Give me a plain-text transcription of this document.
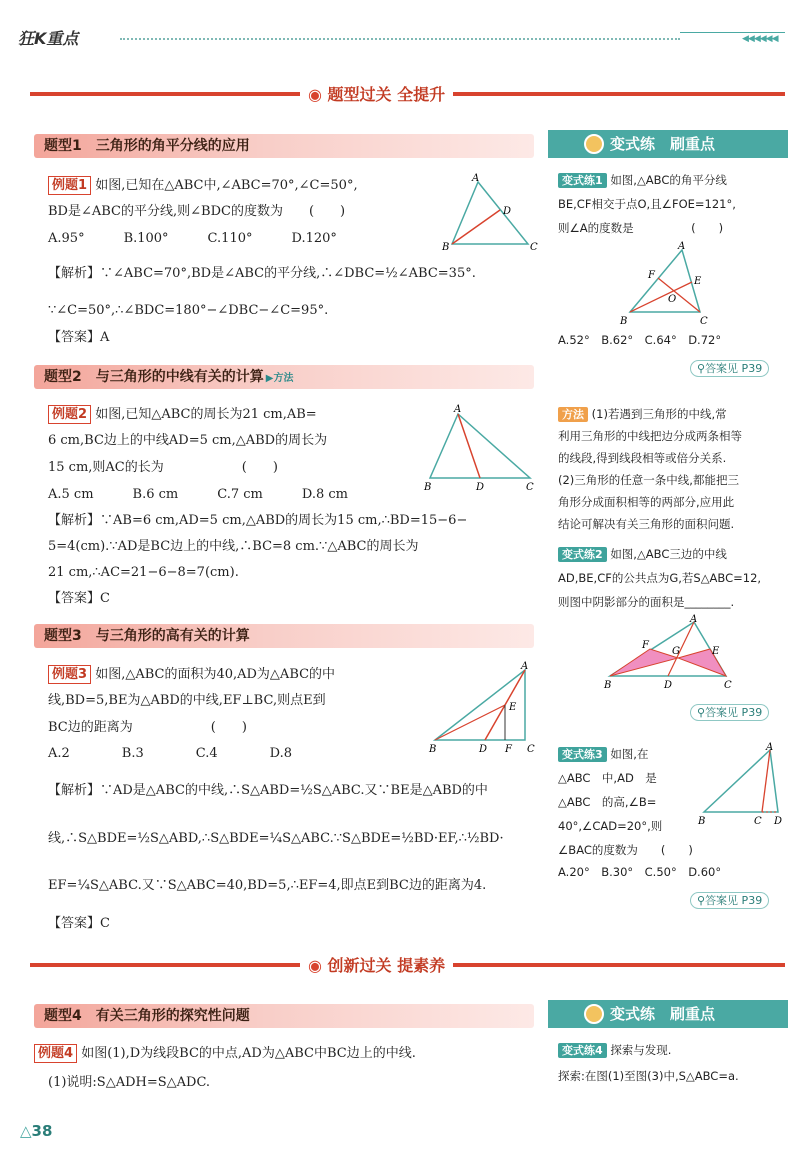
狂K重点	◀◀◀◀◀◀
◉ 题型过关 全提升
题型1　三角形的角平分线的应用
例题1 如图,已知在△ABC中,∠ABC=70°,∠C=50°,
BD是∠ABC的平分线,则∠BDC的度数为　　(　　)
A.95°　　　B.100°　　　C.110°　　　D.120°
A
B	C
D
【解析】∵∠ABC=70°,BD是∠ABC的平分线,∴∠DBC=½∠ABC=35°.
∵∠C=50°,∴∠BDC=180°−∠DBC−∠C=95°.
【答案】A
题型2　与三角形的中线有关的计算 ▶方法
例题2 如图,已知△ABC的周长为21 cm,AB=
6 cm,BC边上的中线AD=5 cm,△ABD的周长为
15 cm,则AC的长为　　　　　　(　　)
A.5 cm　　　B.6 cm　　　C.7 cm　　　D.8 cm
A
B	D	C
【解析】∵AB=6 cm,AD=5 cm,△ABD的周长为15 cm,∴BD=15−6−
5=4(cm).∵AD是BC边上的中线,∴BC=8 cm.∵△ABC的周长为
21 cm,∴AC=21−6−8=7(cm).
【答案】C
题型3　与三角形的高有关的计算
例题3 如图,△ABC的面积为40,AD为△ABC的中
线,BD=5,BE为△ABD的中线,EF⊥BC,则点E到
BC边的距离为　　　　　　(　　)
A.2　　　　B.3　　　　C.4　　　　D.8
A
B	D F C
E
【解析】∵AD是△ABC的中线,∴S△ABD=½S△ABC.又∵BE是△ABD的中
线,∴S△BDE=½S△ABD,∴S△BDE=¼S△ABC.∵S△BDE=½BD·EF,∴½BD·
EF=¼S△ABC.又∵S△ABC=40,BD=5,∴EF=4,即点E到BC边的距离为4.
【答案】C
◉ 创新过关 提素养
题型4　有关三角形的探究性问题
例题4 如图(1),D为线段BC的中点,AD为△ABC中BC边上的中线.
(1)说明:S△ADH=S△ADC.
△38
变式练　刷重点
变式练1 如图,△ABC的角平分线
BE,CF相交于点O,且∠FOE=121°,
则∠A的度数是　　　　　(　　)
A
F
E
O
B	C
A.52°　B.62°　C.64°　D.72°
⚲答案见 P39
方法 (1)若遇到三角形的中线,常
利用三角形的中线把边分成两条相等
的线段,得到线段相等或倍分关系.
(2)三角形的任意一条中线,都能把三
角形分成面积相等的两部分,应用此
结论可解决有关三角形的面积问题.
变式练2 如图,△ABC三边的中线
AD,BE,CF的公共点为G,若S△ABC=12,
则图中阴影部分的面积是________.
A
F
G	E
B	D	C
⚲答案见 P39
变式练3 如图,在
△ABC　中,AD　是
△ABC　的高,∠B=
40°,∠CAD=20°,则
∠BAC的度数为　　(　　)
A
B	C D
A.20°　B.30°　C.50°　D.60°
⚲答案见 P39
变式练　刷重点
变式练4 探索与发现.
探索:在图(1)至图(3)中,S△ABC=a.
